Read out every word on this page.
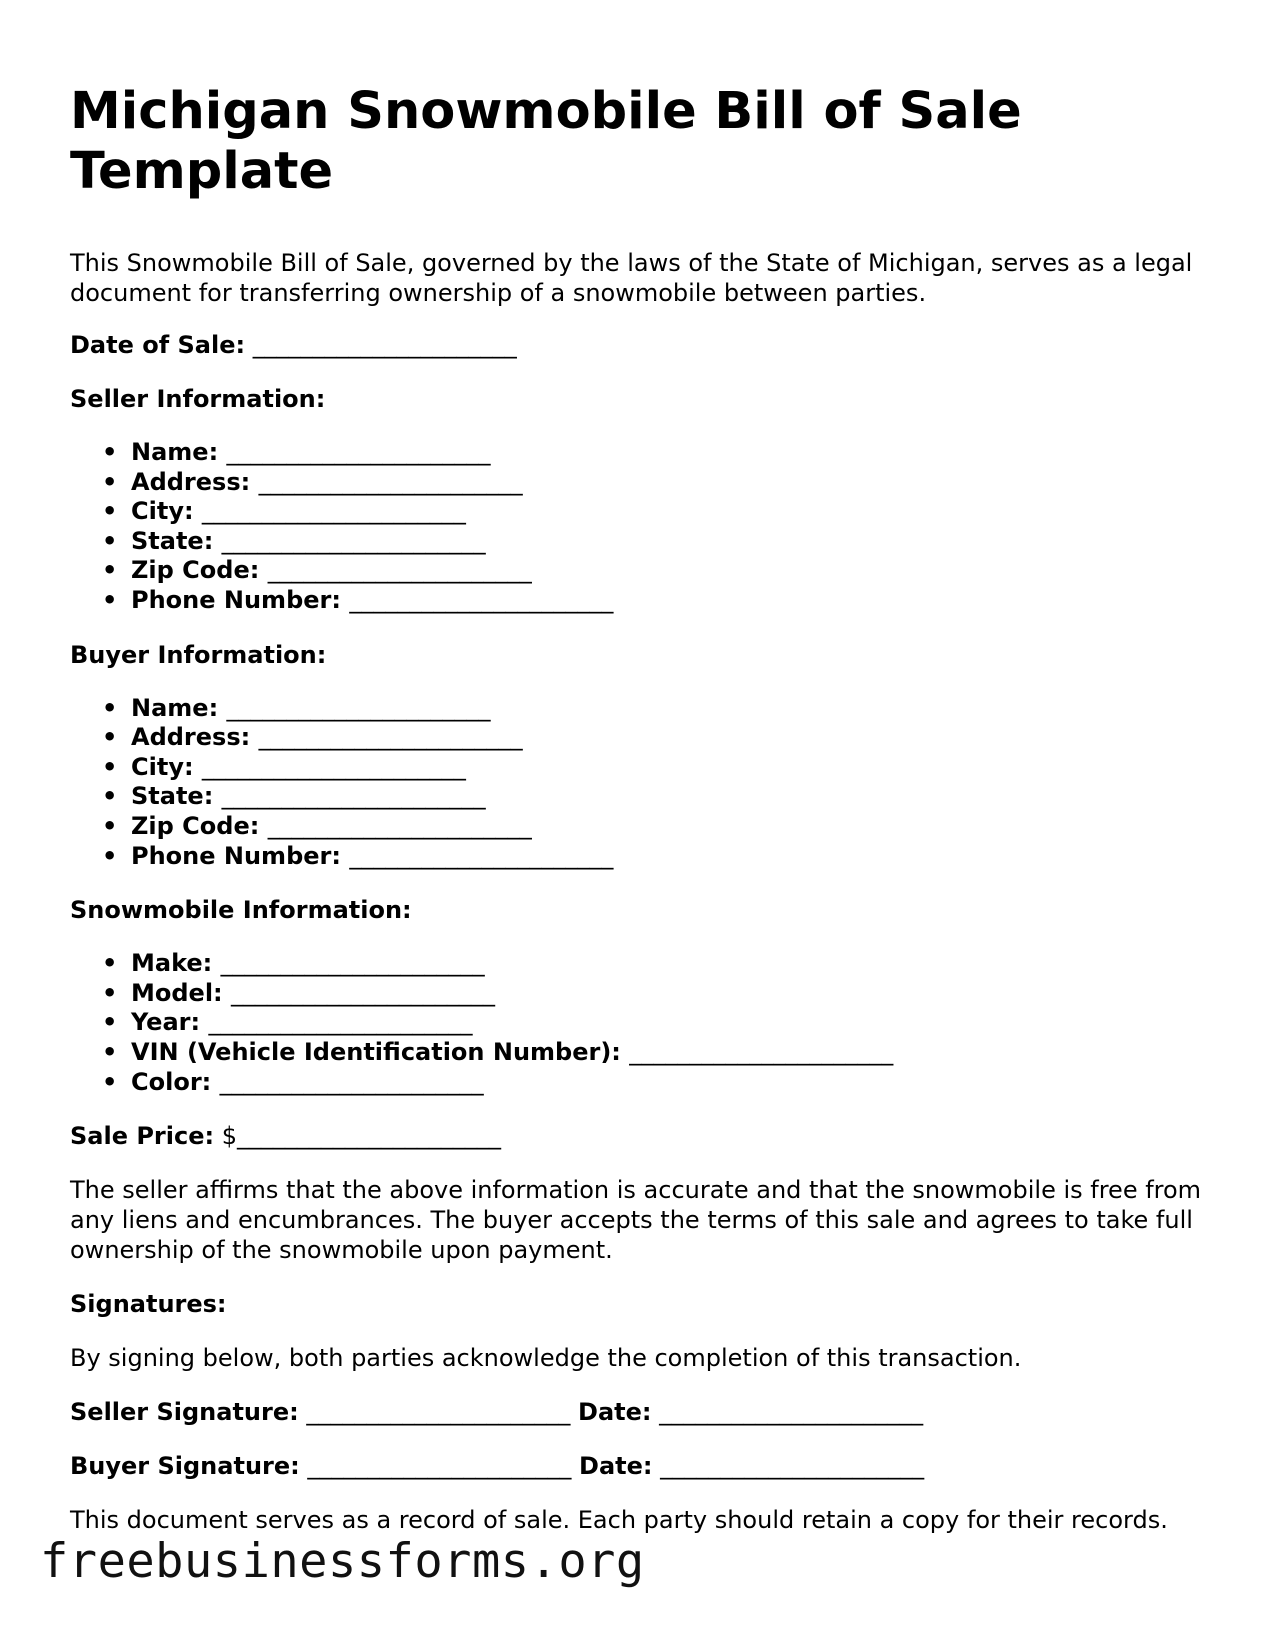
Michigan Snowmobile Bill of Sale Template

This Snowmobile Bill of Sale, governed by the laws of the State of Michigan, serves as a legal document for transferring ownership of a snowmobile between parties.

Date of Sale: ______________________

Seller Information:

• Name: ______________________
• Address: ______________________
• City: ______________________
• State: ______________________
• Zip Code: ______________________
• Phone Number: ______________________

Buyer Information:

• Name: ______________________
• Address: ______________________
• City: ______________________
• State: ______________________
• Zip Code: ______________________
• Phone Number: ______________________

Snowmobile Information:

• Make: ______________________
• Model: ______________________
• Year: ______________________
• VIN (Vehicle Identification Number): ______________________
• Color: ______________________

Sale Price: $______________________

The seller affirms that the above information is accurate and that the snowmobile is free from any liens and encumbrances. The buyer accepts the terms of this sale and agrees to take full ownership of the snowmobile upon payment.

Signatures:

By signing below, both parties acknowledge the completion of this transaction.

Seller Signature: ______________________ Date: ______________________

Buyer Signature: ______________________ Date: ______________________

This document serves as a record of sale. Each party should retain a copy for their records.

freebusinessforms.org
